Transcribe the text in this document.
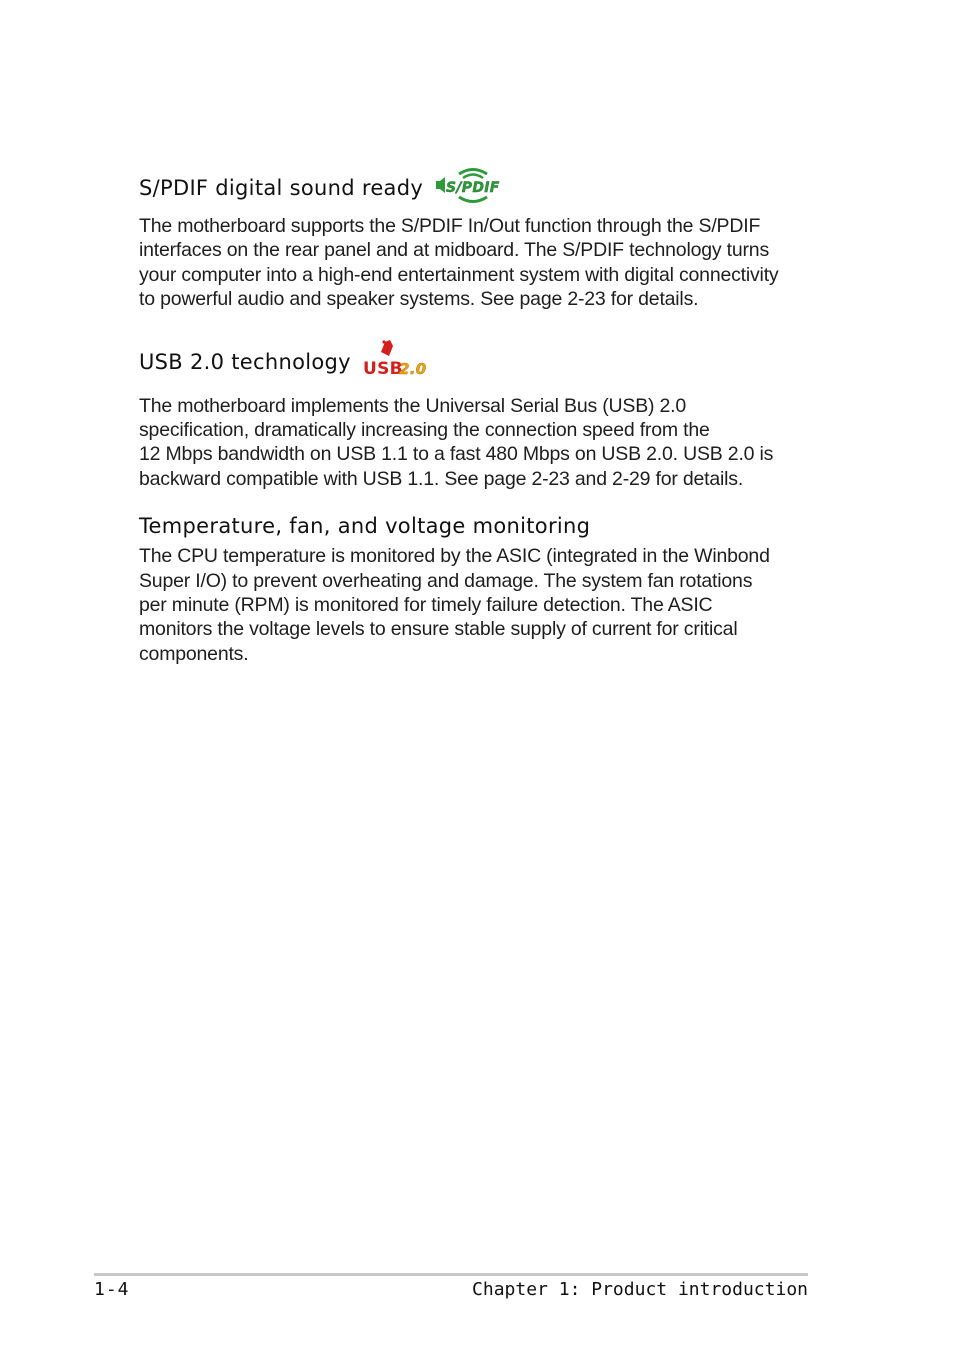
S/PDIF digital sound ready S/PDIF

The motherboard supports the S/PDIF In/Out function through the S/PDIF
interfaces on the rear panel and at midboard. The S/PDIF technology turns
your computer into a high-end entertainment system with digital connectivity
to powerful audio and speaker systems. See page 2-23 for details.

USB 2.0 technology USB
2.0

The motherboard implements the Universal Serial Bus (USB) 2.0
specification, dramatically increasing the connection speed from the
12 Mbps bandwidth on USB 1.1 to a fast 480 Mbps on USB 2.0. USB 2.0 is
backward compatible with USB 1.1. See page 2-23 and 2-29 for details.

Temperature, fan, and voltage monitoring

The CPU temperature is monitored by the ASIC (integrated in the Winbond
Super I/O) to prevent overheating and damage. The system fan rotations
per minute (RPM) is monitored for timely failure detection. The ASIC
monitors the voltage levels to ensure stable supply of current for critical
components.

1-4	Chapter 1: Product introduction
